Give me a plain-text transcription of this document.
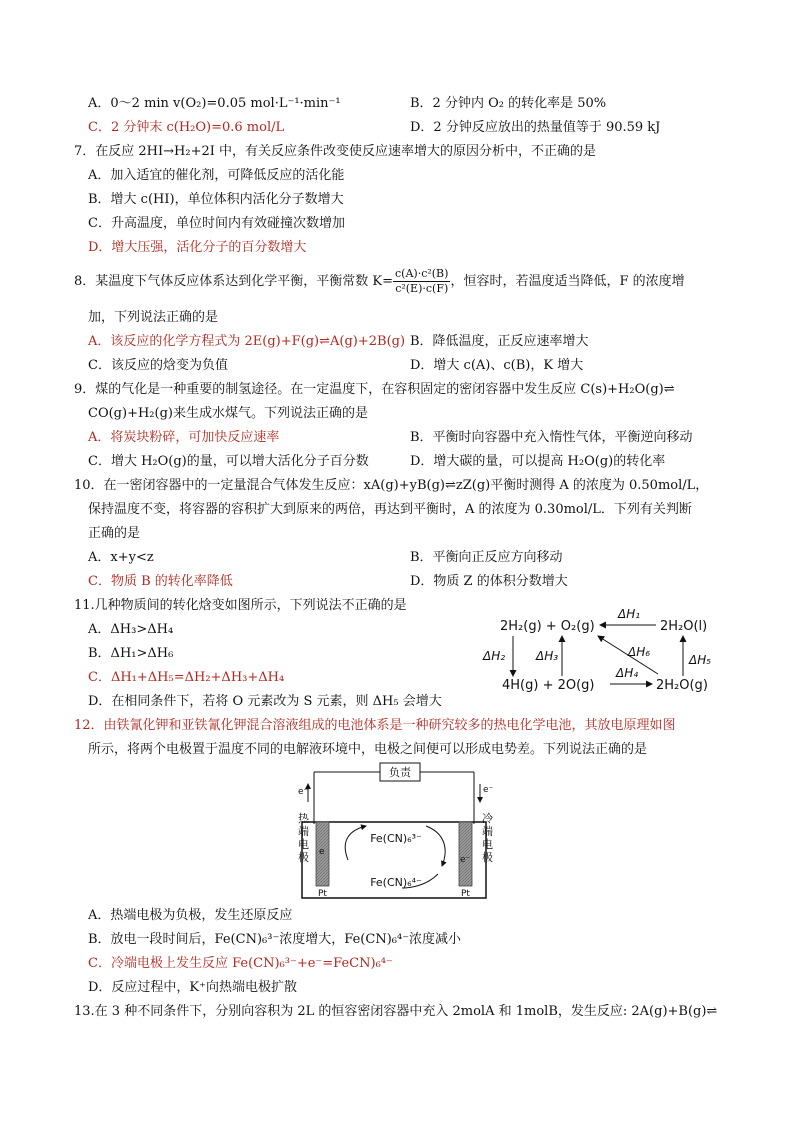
A．0～2 min v(O₂)=0.05 mol·L⁻¹·min⁻¹	B．2 分钟内 O₂ 的转化率是 50%
C．2 分钟末 c(H₂O)=0.6 mol/L	D．2 分钟反应放出的热量值等于 90.59 kJ
7．在反应 2HI→H₂+2I 中，有关反应条件改变使反应速率增大的原因分析中，不正确的是
A．加入适宜的催化剂，可降低反应的活化能
B．增大 c(HI)，单位体积内活化分子数增大
C．升高温度，单位时间内有效碰撞次数增加
D．增大压强，活化分子的百分数增大
8．某温度下气体反应体系达到化学平衡，平衡常数 $K= \frac{\text{c(A)·c²(B)}}{\text{c²(E)·c(F)}}$ ，恒容时，若温度适当降低，F 的浓度增
加，下列说法正确的是
A．该反应的化学方程式为 2E(g)+F(g)⇌A(g)+2B(g) B．降低温度，正反应速率增大
C．该反应的焓变为负值	D．增大 c(A)、c(B)，K 增大
9．煤的气化是一种重要的制氢途径。在一定温度下，在容积固定的密闭容器中发生反应 C(s)+H₂O(g)⇌
CO(g)+H₂(g)来生成水煤气。下列说法正确的是
A．将炭块粉碎，可加快反应速率	B．平衡时向容器中充入惰性气体，平衡逆向移动
C．增大 H₂O(g)的量，可以增大活化分子百分数	D．增大碳的量，可以提高 H₂O(g)的转化率
10．在一密闭容器中的一定量混合气体发生反应：xA(g)+yB(g)⇌zZ(g)平衡时测得 A 的浓度为 0.50mol/L，
保持温度不变，将容器的容积扩大到原来的两倍，再达到平衡时，A 的浓度为 0.30mol/L．下列有关判断
正确的是
A．x+y<z	B．平衡向正反应方向移动
C．物质 B 的转化率降低	D．物质 Z 的体积分数增大
11.几种物质间的转化焓变如图所示，下列说法不正确的是
A．ΔH₃>ΔH₄
B．ΔH₁>ΔH₆
C．ΔH₁+ΔH₅=ΔH₂+ΔH₃+ΔH₄
D．在相同条件下，若将 O 元素改为 S 元素，则 ΔH₅ 会增大
2H₂(g) + O₂(g)	2H₂O(l)
4H(g) + 2O(g)	2H₂O(g)
ΔH₁
ΔH₂	ΔH₃
ΔH₄
ΔH₆
ΔH₅
12．由铁氰化钾和亚铁氰化钾混合溶液组成的电池体系是一种研究较多的热电化学电池，其放电原理如图
所示，将两个电极置于温度不同的电解液环境中，电极之间便可以形成电势差。下列说法正确的是
负责
e⁻	e⁻
Pt	Pt
e
e⁻
Fe(CN)₆³⁻
Fe(CN)₆⁴⁻
热端电极
冷端电极
A．热端电极为负极，发生还原反应
B．放电一段时间后，Fe(CN)₆³⁻浓度增大，Fe(CN)₆⁴⁻浓度减小
C．冷端电极上发生反应 Fe(CN)₆³⁻+e⁻=FeCN)₆⁴⁻
D．反应过程中，K⁺向热端电极扩散
13.在 3 种不同条件下，分别向容积为 2L 的恒容密闭容器中充入 2molA 和 1molB，发生反应: 2A(g)+B(g)⇌
